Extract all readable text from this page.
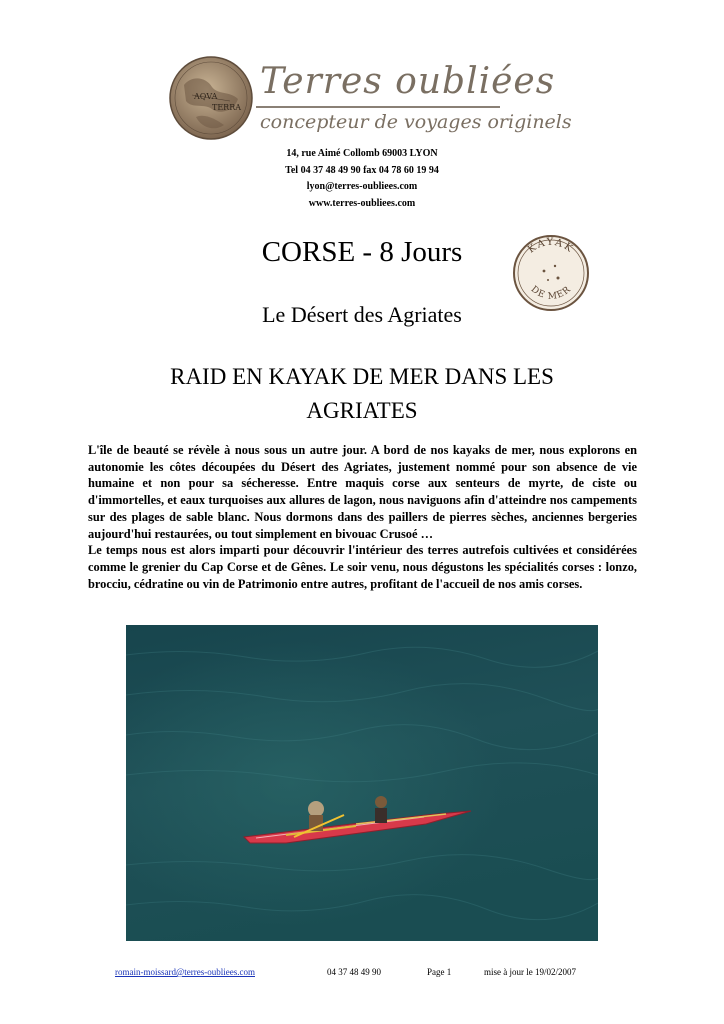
AQVA
TERRA
Terres oubliées
concepteur de voyages originels
14, rue Aimé Collomb 69003 LYON
Tel 04 37 48 49 90 fax 04 78 60 19 94
lyon@terres-oubliees.com
www.terres-oubliees.com
KAYAK
DE MER
CORSE - 8 Jours
Le Désert des Agriates
RAID EN KAYAK DE MER DANS LES AGRIATES

L'île de beauté se révèle à nous sous un autre jour. A bord de nos kayaks de mer, nous explorons en autonomie les côtes découpées du Désert des Agriates, justement nommé pour son absence de vie humaine et non pour sa sécheresse. Entre maquis corse aux senteurs de myrte, de ciste ou d'immortelles, et eaux turquoises aux allures de lagon, nous naviguons afin d'atteindre nos campements sur des plages de sable blanc. Nous dormons dans des paillers de pierres sèches, anciennes bergeries aujourd'hui restaurées, ou tout simplement en bivouac Crusoé …

Le temps nous est alors imparti pour découvrir l'intérieur des terres autrefois cultivées et considérées comme le grenier du Cap Corse et de Gênes. Le soir venu, nous dégustons les spécialités corses : lonzo, brocciu, cédratine ou vin de Patrimonio entre autres, profitant de l'accueil de nos amis corses.

romain-moissard@terres-oubliees.com	04 37 48 49 90	Page 1	mise à jour le 19/02/2007
